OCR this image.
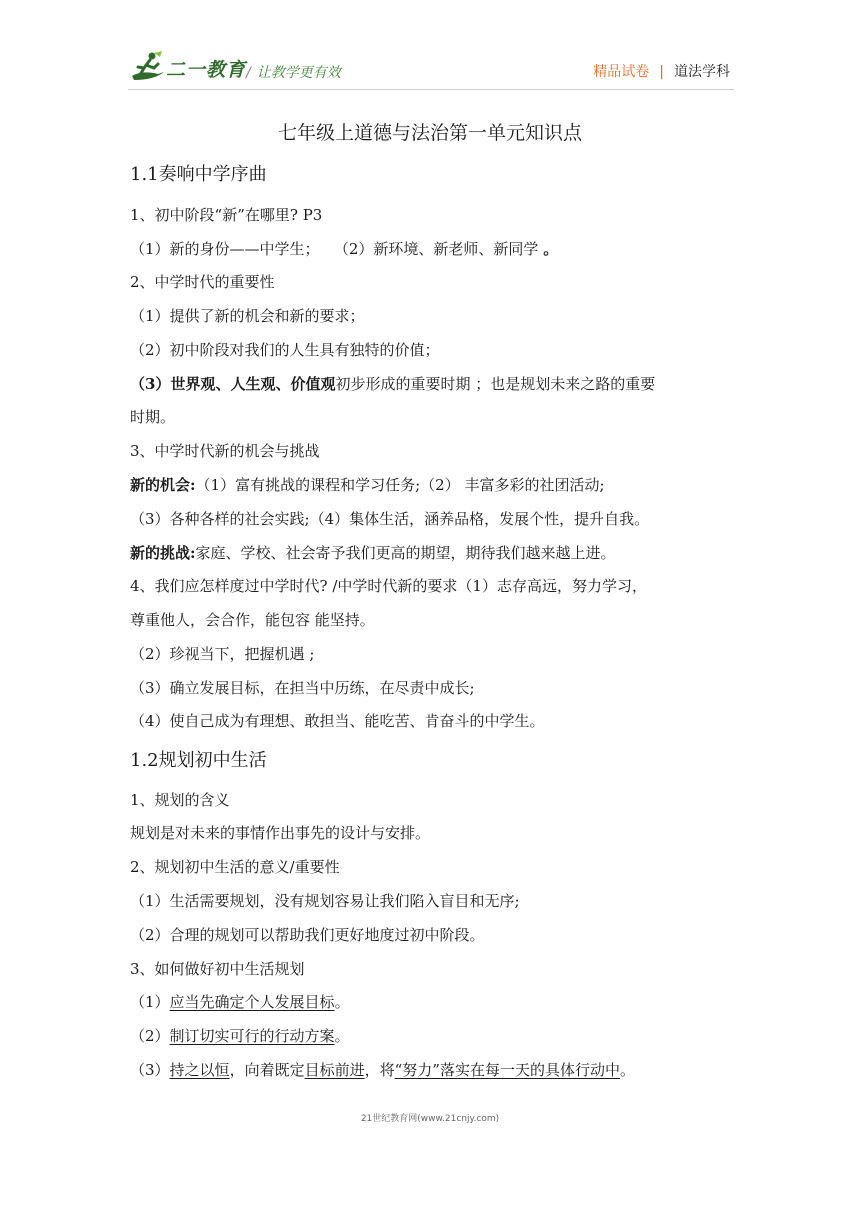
二一教育 / 让教学更有效	精品试卷 | 道法学科
七年级上道德与法治第一单元知识点
1.1奏响中学序曲
1、初中阶段“新”在哪里? P3
（1）新的身份——中学生； （2）新环境、新老师、新同学 。
2、中学时代的重要性
（1）提供了新的机会和新的要求；
（2）初中阶段对我们的人生具有独特的价值；
（3）世界观、人生观、价值观初步形成的重要时期 ；也是规划未来之路的重要
时期。
3、中学时代新的机会与挑战
新的机会:（1）富有挑战的课程和学习任务;（2） 丰富多彩的社团活动;
（3）各种各样的社会实践;（4）集体生活，涵养品格，发展个性，提升自我。
新的挑战:家庭、学校、社会寄予我们更高的期望，期待我们越来越上进。
4、我们应怎样度过中学时代? /中学时代新的要求（1）志存高远，努力学习，
尊重他人，会合作，能包容 能坚持。
（2）珍视当下，把握机遇 ;
（3）确立发展目标，在担当中历练，在尽责中成长;
（4）使自己成为有理想、敢担当、能吃苦、肯奋斗的中学生。
1.2规划初中生活
1、规划的含义
规划是对未来的事情作出事先的设计与安排。
2、规划初中生活的意义/重要性
（1）生活需要规划，没有规划容易让我们陷入盲目和无序;
（2）合理的规划可以帮助我们更好地度过初中阶段。
3、如何做好初中生活规划
（1）应当先确定个人发展目标。
（2）制订切实可行的行动方案。
（3）持之以恒，向着既定目标前进，将“努力”落实在每一天的具体行动中。
21世纪教育网(www.21cnjy.com)
